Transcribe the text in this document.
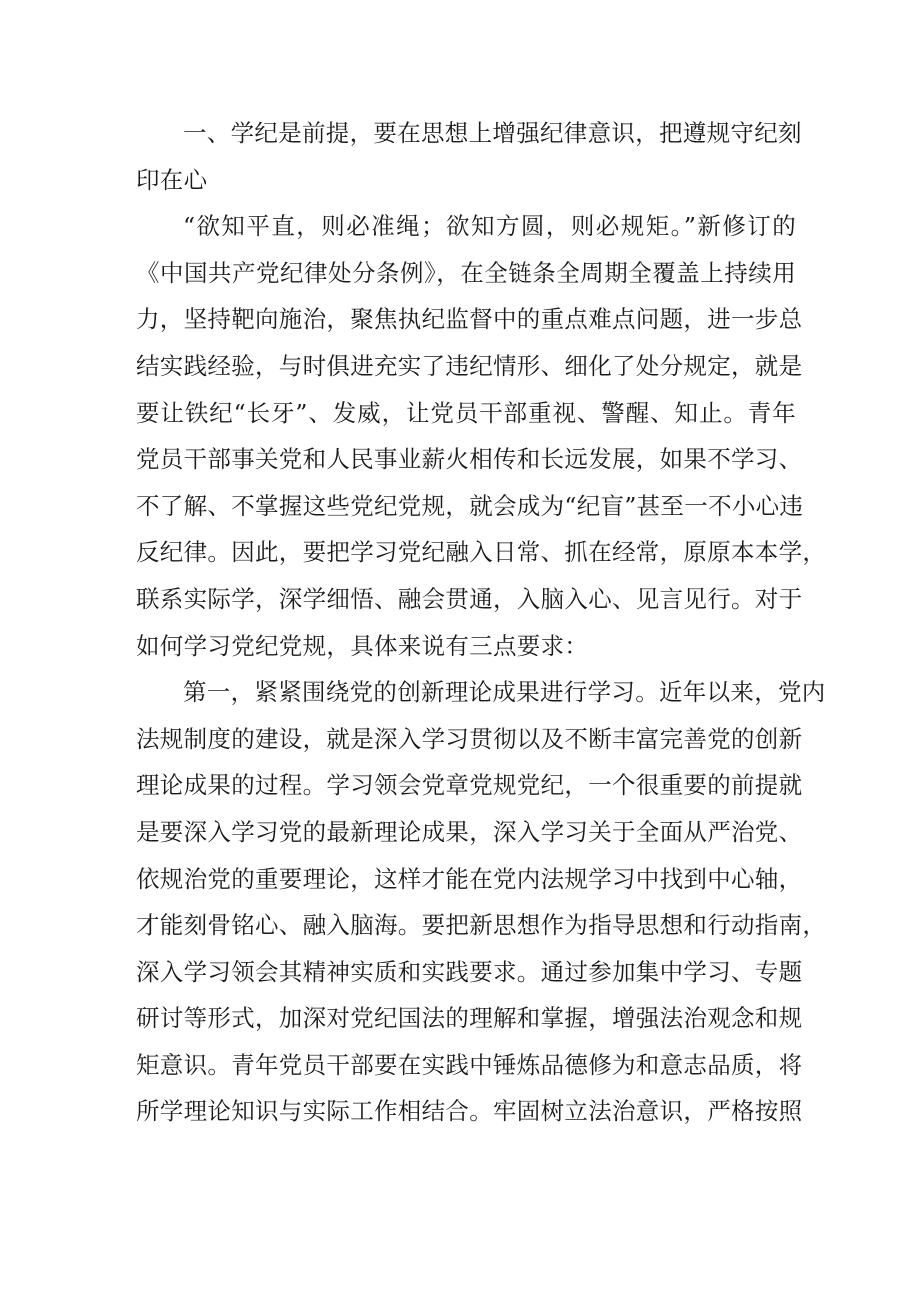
一、学纪是前提，要在思想上增强纪律意识，把遵规守纪刻
印在心
“欲知平直，则必准绳；欲知方圆，则必规矩。”新修订的
《中国共产党纪律处分条例》，在全链条全周期全覆盖上持续用
力，坚持靶向施治，聚焦执纪监督中的重点难点问题，进一步总
结实践经验，与时俱进充实了违纪情形、细化了处分规定，就是
要让铁纪“长牙”、发威，让党员干部重视、警醒、知止。青年
党员干部事关党和人民事业薪火相传和长远发展，如果不学习、
不了解、不掌握这些党纪党规，就会成为“纪盲”甚至一不小心违
反纪律。因此，要把学习党纪融入日常、抓在经常，原原本本学，
联系实际学，深学细悟、融会贯通，入脑入心、见言见行。对于
如何学习党纪党规，具体来说有三点要求：
第一，紧紧围绕党的创新理论成果进行学习。近年以来，党内
法规制度的建设，就是深入学习贯彻以及不断丰富完善党的创新
理论成果的过程。学习领会党章党规党纪，一个很重要的前提就
是要深入学习党的最新理论成果，深入学习关于全面从严治党、
依规治党的重要理论，这样才能在党内法规学习中找到中心轴，
才能刻骨铭心、融入脑海。要把新思想作为指导思想和行动指南，
深入学习领会其精神实质和实践要求。通过参加集中学习、专题
研讨等形式，加深对党纪国法的理解和掌握，增强法治观念和规
矩意识。青年党员干部要在实践中锤炼品德修为和意志品质，将
所学理论知识与实际工作相结合。牢固树立法治意识，严格按照
